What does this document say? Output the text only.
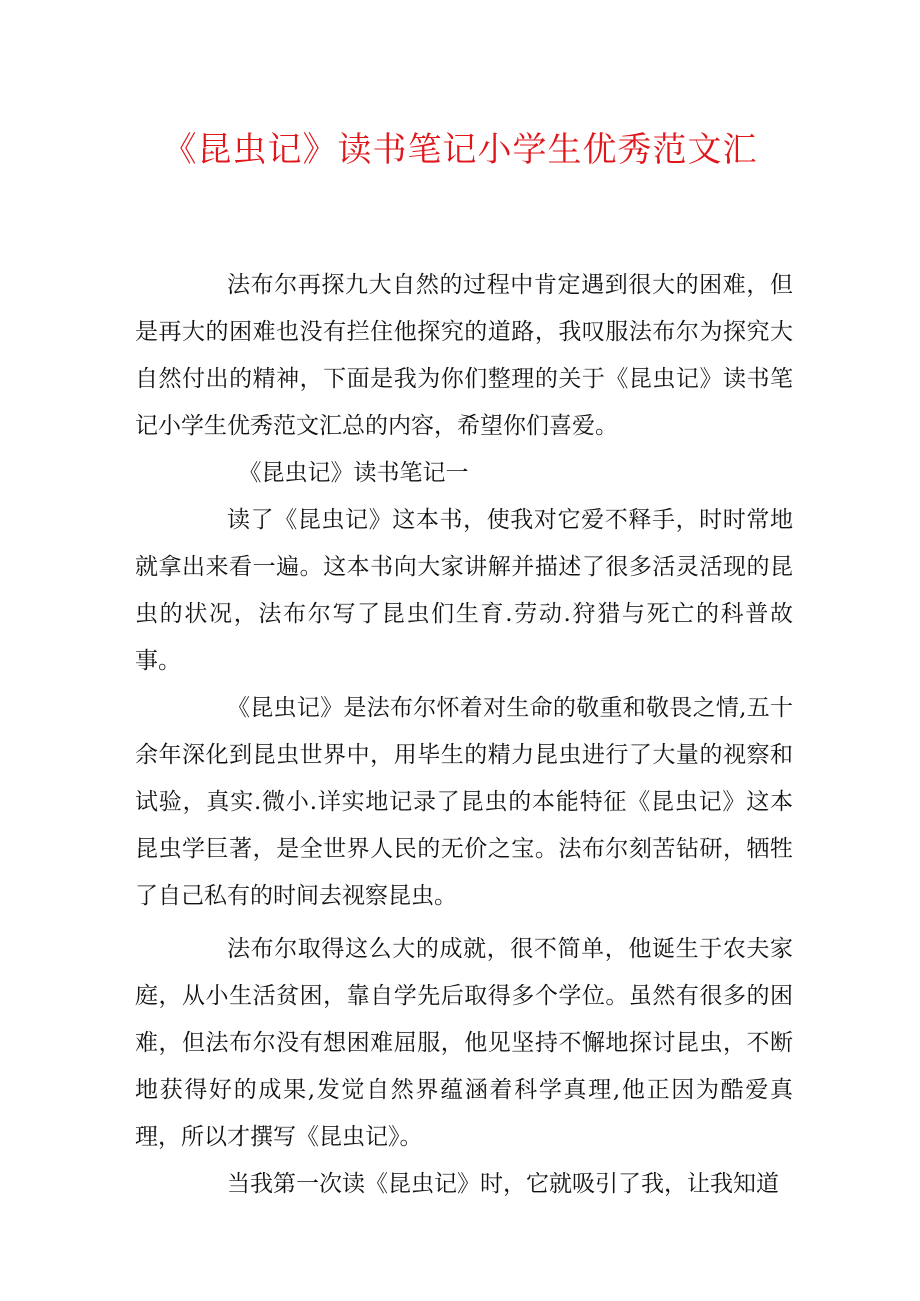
《昆虫记》读书笔记小学生优秀范文汇

法布尔再探九大自然的过程中肯定遇到很大的困难，但是再大的困难也没有拦住他探究的道路，我叹服法布尔为探究大自然付出的精神，下面是我为你们整理的关于《昆虫记》读书笔记小学生优秀范文汇总的内容，希望你们喜爱。

《昆虫记》读书笔记一

读了《昆虫记》这本书，使我对它爱不释手，时时常地就拿出来看一遍。这本书向大家讲解并描述了很多活灵活现的昆虫的状况，法布尔写了昆虫们生育.劳动.狩猎与死亡的科普故事。

《昆虫记》是法布尔怀着对生命的敬重和敬畏之情,五十余年深化到昆虫世界中，用毕生的精力昆虫进行了大量的视察和试验，真实.微小.详实地记录了昆虫的本能特征《昆虫记》这本昆虫学巨著，是全世界人民的无价之宝。法布尔刻苦钻研，牺牲了自己私有的时间去视察昆虫。

法布尔取得这么大的成就，很不简单，他诞生于农夫家庭，从小生活贫困，靠自学先后取得多个学位。虽然有很多的困难，但法布尔没有想困难屈服，他见坚持不懈地探讨昆虫，不断地获得好的成果,发觉自然界蕴涵着科学真理,他正因为酷爱真理，所以才撰写《昆虫记》。

当我第一次读《昆虫记》时，它就吸引了我，让我知道
